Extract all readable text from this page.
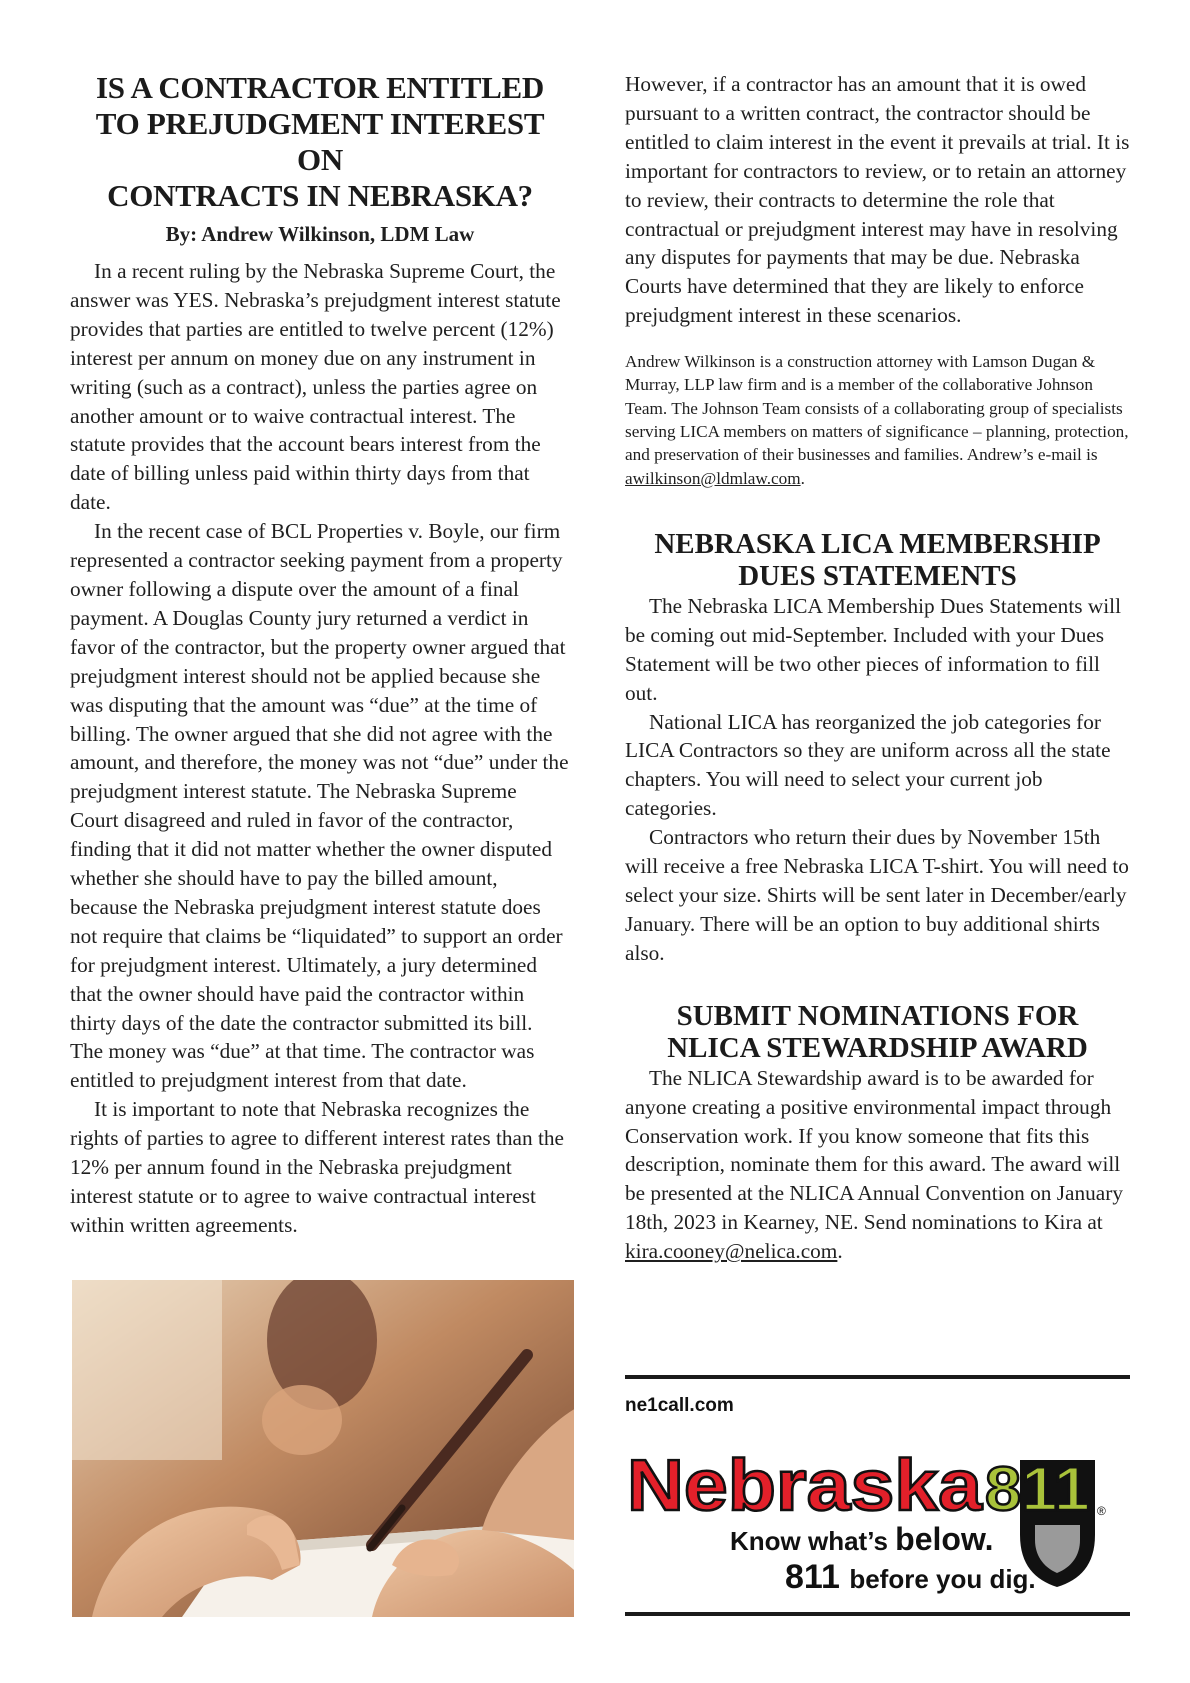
IS A CONTRACTOR ENTITLED
TO PREJUDGMENT INTEREST ON
CONTRACTS IN NEBRASKA?
By: Andrew Wilkinson, LDM Law

In a recent ruling by the Nebraska Supreme Court, the answer was YES. Nebraska’s prejudgment interest statute provides that parties are entitled to twelve percent (12%) interest per annum on money due on any instrument in writing (such as a contract), unless the parties agree on another amount or to waive contractual interest. The statute provides that the account bears interest from the date of billing unless paid within thirty days from that date.

In the recent case of BCL Properties v. Boyle, our firm represented a contractor seeking payment from a property owner following a dispute over the amount of a final payment. A Douglas County jury returned a verdict in favor of the contractor, but the property owner argued that prejudgment interest should not be applied because she was disputing that the amount was “due” at the time of billing. The owner argued that she did not agree with the amount, and therefore, the money was not “due” under the prejudgment interest statute. The Nebraska Supreme Court disagreed and ruled in favor of the contractor, finding that it did not matter whether the owner disputed whether she should have to pay the billed amount, because the Nebraska prejudgment interest statute does not require that claims be “liquidated” to support an order for prejudgment interest. Ultimately, a jury determined that the owner should have paid the contractor within thirty days of the date the contractor submitted its bill. The money was “due” at that time. The contractor was entitled to prejudgment interest from that date.

It is important to note that Nebraska recognizes the rights of parties to agree to different interest rates than the 12% per annum found in the Nebraska prejudgment interest statute or to agree to waive contractual interest within written agreements.

However, if a contractor has an amount that it is owed pursuant to a written contract, the contractor should be entitled to claim interest in the event it prevails at trial. It is important for contractors to review, or to retain an attorney to review, their contracts to determine the role that contractual or prejudgment interest may have in resolving any disputes for payments that may be due. Nebraska Courts have determined that they are likely to enforce prejudgment interest in these scenarios.

Andrew Wilkinson is a construction attorney with Lamson Dugan & Murray, LLP law firm and is a member of the collaborative Johnson Team. The Johnson Team consists of a collaborating group of specialists serving LICA members on matters of significance – planning, protection, and preservation of their businesses and families. Andrew’s e-mail is awilkinson@ldmlaw.com.
NEBRASKA LICA MEMBERSHIP
DUES STATEMENTS

The Nebraska LICA Membership Dues Statements will be coming out mid-September. Included with your Dues Statement will be two other pieces of information to fill out.

National LICA has reorganized the job categories for LICA Contractors so they are uniform across all the state chapters. You will need to select your current job categories.

Contractors who return their dues by November 15th will receive a free Nebraska LICA T-shirt. You will need to select your size. Shirts will be sent later in December/early January. There will be an option to buy additional shirts also.

SUBMIT NOMINATIONS FOR
NLICA STEWARDSHIP AWARD

The NLICA Stewardship award is to be awarded for anyone creating a positive environmental impact through Conservation work. If you know someone that fits this description, nominate them for this award. The award will be presented at the NLICA Annual Convention on January 18th, 2023 in Kearney, NE. Send nominations to Kira at kira.cooney@nelica.com.

ne1call.com
Nebraska 811 ®
Know what’s below.
811 before you dig.
